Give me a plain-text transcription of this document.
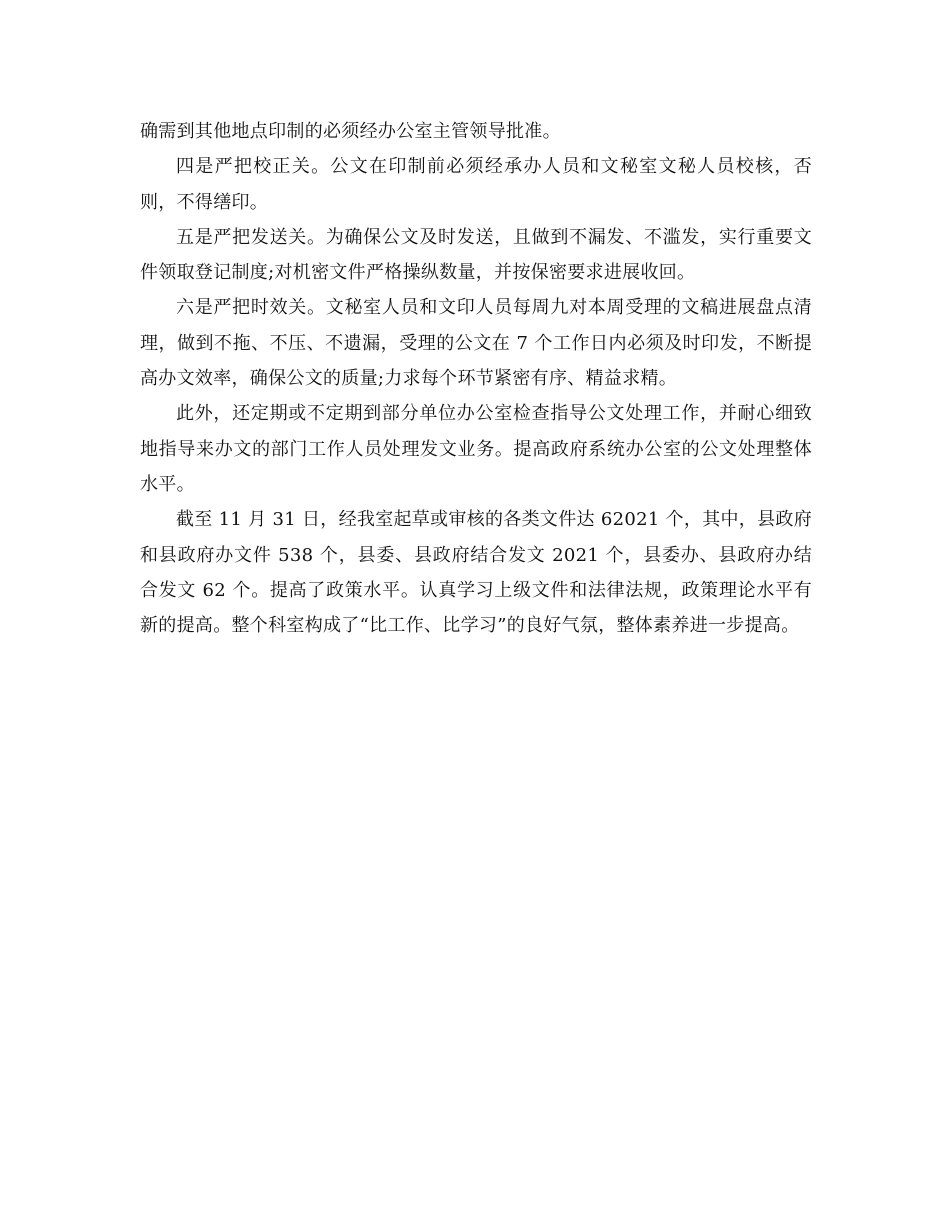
确需到其他地点印制的必须经办公室主管领导批准。

四是严把校正关。公文在印制前必须经承办人员和文秘室文秘人员校核，否则，不得缮印。

五是严把发送关。为确保公文及时发送，且做到不漏发、不滥发，实行重要文件领取登记制度;对机密文件严格操纵数量，并按保密要求进展收回。

六是严把时效关。文秘室人员和文印人员每周九对本周受理的文稿进展盘点清理，做到不拖、不压、不遗漏，受理的公文在 7 个工作日内必须及时印发，不断提高办文效率，确保公文的质量;力求每个环节紧密有序、精益求精。

此外，还定期或不定期到部分单位办公室检查指导公文处理工作，并耐心细致地指导来办文的部门工作人员处理发文业务。提高政府系统办公室的公文处理整体水平。

截至 11 月 31 日，经我室起草或审核的各类文件达 62021 个，其中，县政府和县政府办文件 538 个，县委、县政府结合发文 2021 个，县委办、县政府办结合发文 62 个。提高了政策水平。认真学习上级文件和法律法规，政策理论水平有新的提高。整个科室构成了“比工作、比学习”的良好气氛，整体素养进一步提高。
